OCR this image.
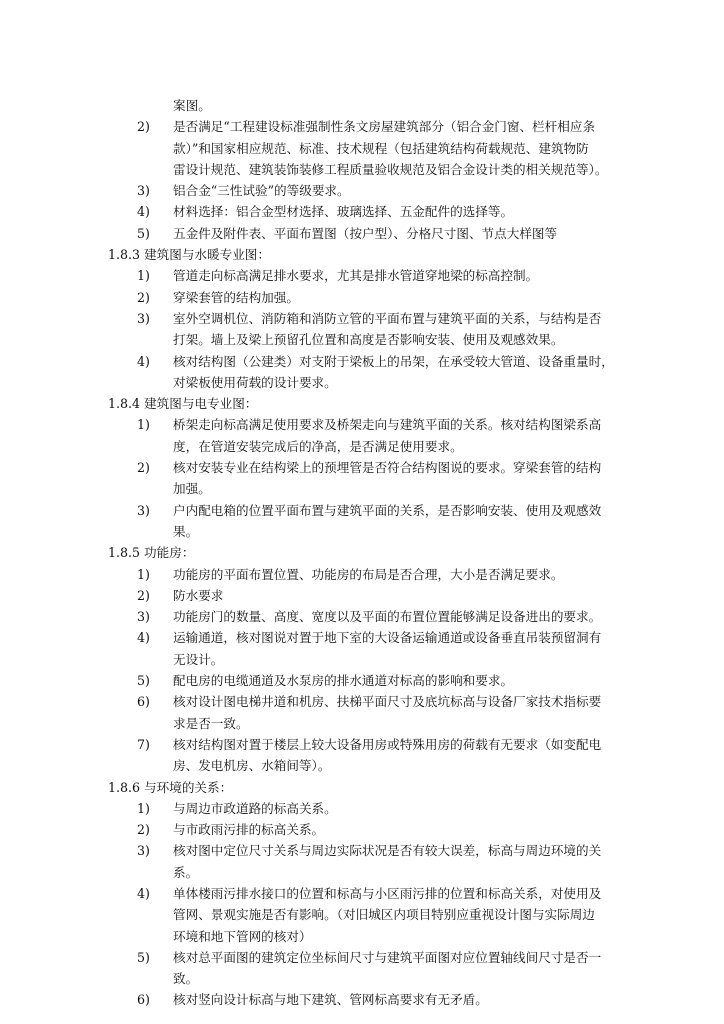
案图。
2) 是否满足“工程建设标准强制性条文房屋建筑部分（铝合金门窗、栏杆相应条
款）”和国家相应规范、标准、技术规程（包括建筑结构荷载规范、建筑物防
雷设计规范、建筑装饰装修工程质量验收规范及铝合金设计类的相关规范等）。
3) 铝合金“三性试验”的等级要求。
4) 材料选择：铝合金型材选择、玻璃选择、五金配件的选择等。
5) 五金件及附件表、平面布置图（按户型）、分格尺寸图、节点大样图等
1.8.3 建筑图与水暖专业图：
1) 管道走向标高满足排水要求，尤其是排水管道穿地梁的标高控制。
2) 穿梁套管的结构加强。
3) 室外空调机位、消防箱和消防立管的平面布置与建筑平面的关系，与结构是否
打架。墙上及梁上预留孔位置和高度是否影响安装、使用及观感效果。
4) 核对结构图（公建类）对支附于梁板上的吊架，在承受较大管道、设备重量时，
对梁板使用荷载的设计要求。
1.8.4 建筑图与电专业图：
1) 桥架走向标高满足使用要求及桥架走向与建筑平面的关系。核对结构图梁系高
度，在管道安装完成后的净高，是否满足使用要求。
2) 核对安装专业在结构梁上的预埋管是否符合结构图说的要求。穿梁套管的结构
加强。
3) 户内配电箱的位置平面布置与建筑平面的关系，是否影响安装、使用及观感效
果。
1.8.5 功能房：
1) 功能房的平面布置位置、功能房的布局是否合理，大小是否满足要求。
2) 防水要求
3) 功能房门的数量、高度、宽度以及平面的布置位置能够满足设备进出的要求。
4) 运输通道，核对图说对置于地下室的大设备运输通道或设备垂直吊装预留洞有
无设计。
5) 配电房的电缆通道及水泵房的排水通道对标高的影响和要求。
6) 核对设计图电梯井道和机房、扶梯平面尺寸及底坑标高与设备厂家技术指标要
求是否一致。
7) 核对结构图对置于楼层上较大设备用房或特殊用房的荷载有无要求（如变配电
房、发电机房、水箱间等）。
1.8.6 与环境的关系：
1) 与周边市政道路的标高关系。
2) 与市政雨污排的标高关系。
3) 核对图中定位尺寸关系与周边实际状况是否有较大误差，标高与周边环境的关
系。
4) 单体楼雨污排水接口的位置和标高与小区雨污排的位置和标高关系，对使用及
管网、景观实施是否有影响。（对旧城区内项目特别应重视设计图与实际周边
环境和地下管网的核对）
5) 核对总平面图的建筑定位坐标间尺寸与建筑平面图对应位置轴线间尺寸是否一
致。
6) 核对竖向设计标高与地下建筑、管网标高要求有无矛盾。
